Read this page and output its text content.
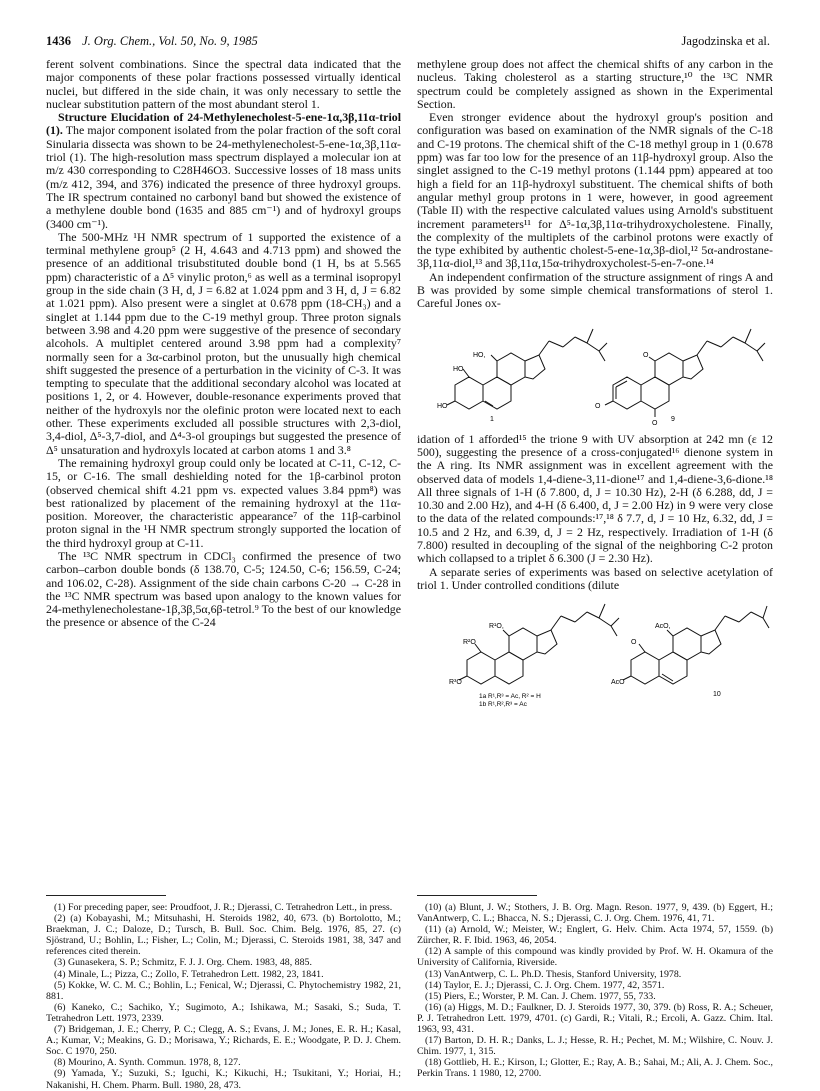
1436 J. Org. Chem., Vol. 50, No. 9, 1985	Jagodzinska et al.

ferent solvent combinations. Since the spectral data indicated that the major components of these polar fractions possessed virtually identical nuclei, but differed in the side chain, it was only necessary to settle the nuclear substitution pattern of the most abundant sterol 1.

Structure Elucidation of 24-Methylenecholest-5-ene-1α,3β,11α-triol (1). The major component isolated from the polar fraction of the soft coral Sinularia dissecta was shown to be 24-methylenecholest-5-ene-1α,3β,11α-triol (1). The high-resolution mass spectrum displayed a molecular ion at m/z 430 corresponding to C28H46O3. Successive losses of 18 mass units (m/z 412, 394, and 376) indicated the presence of three hydroxyl groups. The IR spectrum contained no carbonyl band but showed the existence of a methylene double bond (1635 and 885 cm⁻¹) and of hydroxyl groups (3400 cm⁻¹).

The 500-MHz ¹H NMR spectrum of 1 supported the existence of a terminal methylene group⁵ (2 H, 4.643 and 4.713 ppm) and showed the presence of an additional trisubstituted double bond (1 H, bs at 5.565 ppm) characteristic of a Δ⁵ vinylic proton,⁶ as well as a terminal isopropyl group in the side chain (3 H, d, J = 6.82 at 1.024 ppm and 3 H, d, J = 6.82 at 1.021 ppm). Also present were a singlet at 0.678 ppm (18-CH₃) and a singlet at 1.144 ppm due to the C-19 methyl group. Three proton signals between 3.98 and 4.20 ppm were suggestive of the presence of secondary alcohols. A multiplet centered around 3.98 ppm had a complexity⁷ normally seen for a 3α-carbinol proton, but the unusually high chemical shift suggested the presence of a perturbation in the vicinity of C-3. It was tempting to speculate that the additional secondary alcohol was located at positions 1, 2, or 4. However, double-resonance experiments proved that neither of the hydroxyls nor the olefinic proton were located next to each other. These experiments excluded all possible structures with 2,3-diol, 3,4-diol, Δ⁵-3,7-diol, and Δ⁴-3-ol groupings but suggested the presence of Δ⁵ unsaturation and hydroxyls located at carbon atoms 1 and 3.⁸

The remaining hydroxyl group could only be located at C-11, C-12, C-15, or C-16. The small deshielding noted for the 1β-carbinol proton (observed chemical shift 4.21 ppm vs. expected values 3.84 ppm⁸) was best rationalized by placement of the remaining hydroxyl at the 11α-position. Moreover, the characteristic appearance⁷ of the 11β-carbinol proton signal in the ¹H NMR spectrum strongly supported the location of the third hydroxyl group at C-11.

The ¹³C NMR spectrum in CDCl₃ confirmed the presence of two carbon–carbon double bonds (δ 138.70, C-5; 124.50, C-6; 156.59, C-24; and 106.02, C-28). Assignment of the side chain carbons C-20 → C-28 in the ¹³C NMR spectrum was based upon analogy to the known values for 24-methylenecholestane-1β,3β,5α,6β-tetrol.⁹ To the best of our knowledge the presence or absence of the C-24

methylene group does not affect the chemical shifts of any carbon in the nucleus. Taking cholesterol as a starting structure,¹⁰ the ¹³C NMR spectrum could be completely assigned as shown in the Experimental Section.

Even stronger evidence about the hydroxyl group's position and configuration was based on examination of the NMR signals of the C-18 and C-19 protons. The chemical shift of the C-18 methyl group in 1 (0.678 ppm) was far too low for the presence of an 11β-hydroxyl group. Also the singlet assigned to the C-19 methyl protons (1.144 ppm) appeared at too high a field for an 11β-hydroxyl substituent. The chemical shifts of both angular methyl group protons in 1 were, however, in good agreement (Table II) with the respective calculated values using Arnold's substituent increment parameters¹¹ for Δ⁵-1α,3β,11α-trihydroxycholestene. Finally, the complexity of the multiplets of the carbinol protons were exactly of the type exhibited by authentic cholest-5-ene-1α,3β-diol,¹² 5α-androstane-3β,11α-diol,¹³ and 3β,11α,15α-trihydroxycholest-5-en-7-one.¹⁴

An independent confirmation of the structure assignment of rings A and B was provided by some simple chemical transformations of sterol 1. Careful Jones ox-

HO
HO
HO,
1
O
O
O
9

idation of 1 afforded¹⁵ the trione 9 with UV absorption at 242 mn (ε 12 500), suggesting the presence of a cross-conjugated¹⁶ dienone system in the A ring. Its NMR assignment was in excellent agreement with the observed data of models 1,4-diene-3,11-dione¹⁷ and 1,4-diene-3,6-dione.¹⁸ All three signals of 1-H (δ 7.800, d, J = 10.30 Hz), 2-H (δ 6.288, dd, J = 10.30 and 2.00 Hz), and 4-H (δ 6.400, d, J = 2.00 Hz) in 9 were very close to the data of the related compounds:¹⁷,¹⁸ δ 7.7, d, J = 10 Hz, 6.32, dd, J = 10.5 and 2 Hz, and 6.39, d, J = 2 Hz, respectively. Irradiation of 1-H (δ 7.800) resulted in decoupling of the signal of the neighboring C-2 proton which collapsed to a triplet δ 6.300 (J = 2.30 Hz).

A separate series of experiments was based on selective acetylation of triol 1. Under controlled conditions (dilute

R³O
R²O
R¹O,
1a R¹,R³ = Ac, R² = H
1b R¹,R²,R³ = Ac
AcO
O
AcO,
10

(1) For preceding paper, see: Proudfoot, J. R.; Djerassi, C. Tetrahedron Lett., in press.

(2) (a) Kobayashi, M.; Mitsuhashi, H. Steroids 1982, 40, 673. (b) Bortolotto, M.; Braekman, J. C.; Daloze, D.; Tursch, B. Bull. Soc. Chim. Belg. 1976, 85, 27. (c) Sjöstrand, U.; Bohlin, L.; Fisher, L.; Colin, M.; Djerassi, C. Steroids 1981, 38, 347 and references cited therein.

(3) Gunasekera, S. P.; Schmitz, F. J. J. Org. Chem. 1983, 48, 885.

(4) Minale, L.; Pizza, C.; Zollo, F. Tetrahedron Lett. 1982, 23, 1841.

(5) Kokke, W. C. M. C.; Bohlin, L.; Fenical, W.; Djerassi, C. Phytochemistry 1982, 21, 881.

(6) Kaneko, C.; Sachiko, Y.; Sugimoto, A.; Ishikawa, M.; Sasaki, S.; Suda, T. Tetrahedron Lett. 1973, 2339.

(7) Bridgeman, J. E.; Cherry, P. C.; Clegg, A. S.; Evans, J. M.; Jones, E. R. H.; Kasal, A.; Kumar, V.; Meakins, G. D.; Morisawa, Y.; Richards, E. E.; Woodgate, P. D. J. Chem. Soc. C 1970, 250.

(8) Mourino, A. Synth. Commun. 1978, 8, 127.

(9) Yamada, Y.; Suzuki, S.; Iguchi, K.; Kikuchi, H.; Tsukitani, Y.; Horiai, H.; Nakanishi, H. Chem. Pharm. Bull. 1980, 28, 473.

(10) (a) Blunt, J. W.; Stothers, J. B. Org. Magn. Reson. 1977, 9, 439. (b) Eggert, H.; VanAntwerp, C. L.; Bhacca, N. S.; Djerassi, C. J. Org. Chem. 1976, 41, 71.

(11) (a) Arnold, W.; Meister, W.; Englert, G. Helv. Chim. Acta 1974, 57, 1559. (b) Zürcher, R. F. Ibid. 1963, 46, 2054.

(12) A sample of this compound was kindly provided by Prof. W. H. Okamura of the University of California, Riverside.

(13) VanAntwerp, C. L. Ph.D. Thesis, Stanford University, 1978.

(14) Taylor, E. J.; Djerassi, C. J. Org. Chem. 1977, 42, 3571.

(15) Piers, E.; Worster, P. M. Can. J. Chem. 1977, 55, 733.

(16) (a) Higgs, M. D.; Faulkner, D. J. Steroids 1977, 30, 379. (b) Ross, R. A.; Scheuer, P. J. Tetrahedron Lett. 1979, 4701. (c) Gardi, R.; Vitali, R.; Ercoli, A. Gazz. Chim. Ital. 1963, 93, 431.

(17) Barton, D. H. R.; Danks, L. J.; Hesse, R. H.; Pechet, M. M.; Wilshire, C. Nouv. J. Chim. 1977, 1, 315.

(18) Gottlieb, H. E.; Kirson, I.; Glotter, E.; Ray, A. B.; Sahai, M.; Ali, A. J. Chem. Soc., Perkin Trans. 1 1980, 12, 2700.
